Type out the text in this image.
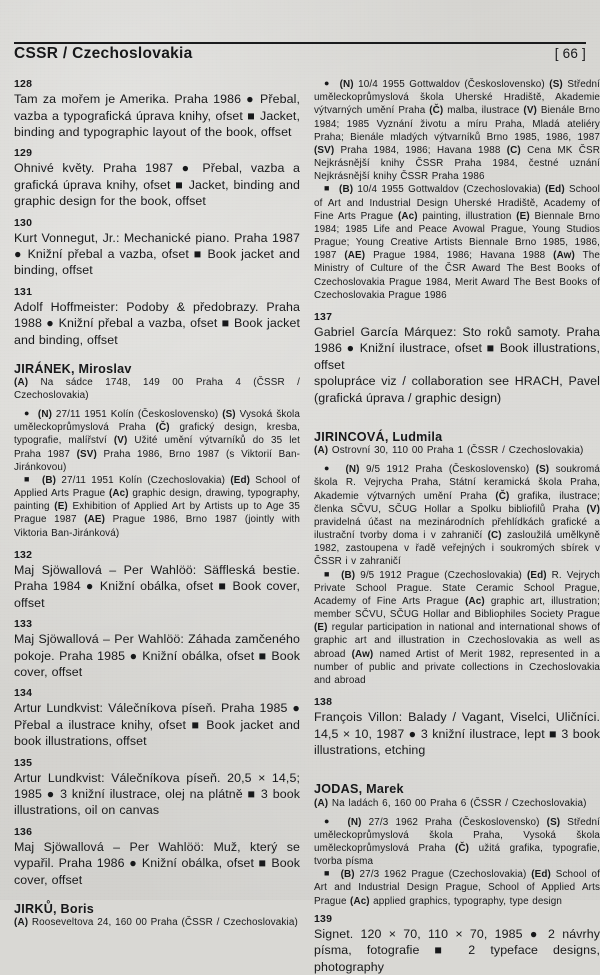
CSSR / Czechoslovakia	[ 66 ]
128
Tam za mořem je Amerika. Praha 1986 ● Přebal, vazba a typografická úprava knihy, ofset ■ Jacket, binding and typographic layout of the book, offset
129
Ohnivé květy. Praha 1987 ● Přebal, vazba a grafická úprava knihy, ofset ■ Jacket, binding and graphic design for the book, offset
130
Kurt Vonnegut, Jr.: Mechanické piano. Praha 1987 ● Knižní přebal a vazba, ofset ■ Book jacket and binding, offset
131
Adolf Hoffmeister: Podoby & předobrazy. Praha 1988 ● Knižní přebal a vazba, ofset ■ Book jacket and binding, offset
JIRÁNEK, Miroslav
(A) Na sádce 1748, 149 00 Praha 4 (ČSSR / Czechoslovakia)
● (N) 27/11 1951 Kolín (Československo) (S) Vysoká škola uměleckoprůmyslová Praha (Č) grafický design, kresba, typografie, malířství (V) Užité umění výtvarníků do 35 let Praha 1987 (SV) Praha 1986, Brno 1987 (s Viktorií Ban-Jiránkovou)
■ (B) 27/11 1951 Kolín (Czechoslovakia) (Ed) School of Applied Arts Prague (Ac) graphic design, drawing, typography, painting (E) Exhibition of Applied Art by Artists up to Age 35 Prague 1987 (AE) Prague 1986, Brno 1987 (jointly with Viktoria Ban-Jiránková)
132
Maj Sjöwallová – Per Wahlöö: Säffleská bestie. Praha 1984 ● Knižní obálka, ofset ■ Book cover, offset
133
Maj Sjöwallová – Per Wahlöö: Záhada zamčeného pokoje. Praha 1985 ● Knižní obálka, ofset ■ Book cover, offset
134
Artur Lundkvist: Válečníkova píseň. Praha 1985 ● Přebal a ilustrace knihy, ofset ■ Book jacket and book illustrations, offset
135
Artur Lundkvist: Válečníkova píseň. 20,5 × 14,5; 1985 ● 3 knižní ilustrace, olej na plátně ■ 3 book illustrations, oil on canvas
136
Maj Sjöwallová – Per Wahlöö: Muž, který se vypařil. Praha 1986 ● Knižní obálka, ofset ■ Book cover, offset
JIRKŮ, Boris
(A) Rooseveltova 24, 160 00 Praha (ČSSR / Czechoslovakia)
● (N) 10/4 1955 Gottwaldov (Československo) (S) Střední uměleckoprůmyslová škola Uherské Hradiště, Akademie výtvarných umění Praha (Č) malba, ilustrace (V) Bienále Brno 1984; 1985 Vyznání životu a míru Praha, Mladá ateliéry Praha; Bienále mladých výtvarníků Brno 1985, 1986, 1987 (SV) Praha 1984, 1986; Havana 1988 (C) Cena MK ČSR Nejkrásnější knihy ČSSR Praha 1984, čestné uznání Nejkrásnější knihy ČSSR Praha 1986
■ (B) 10/4 1955 Gottwaldov (Czechoslovakia) (Ed) School of Art and Industrial Design Uherské Hradiště, Academy of Fine Arts Prague (Ac) painting, illustration (E) Biennale Brno 1984; 1985 Life and Peace Avowal Prague, Young Studios Prague; Young Creative Artists Biennale Brno 1985, 1986, 1987 (AE) Prague 1984, 1986; Havana 1988 (Aw) The Ministry of Culture of the ČSR Award The Best Books of Czechoslovakia Prague 1984, Merit Award The Best Books of Czechoslovakia Prague 1986
137
Gabriel García Márquez: Sto roků samoty. Praha 1986 ● Knižní ilustrace, ofset ■ Book illustrations, offset
spolupráce viz / collaboration see HRACH, Pavel (grafická úprava / graphic design)
JIRINCOVÁ, Ludmila
(A) Ostrovní 30, 110 00 Praha 1 (ČSSR / Czechoslovakia)
● (N) 9/5 1912 Praha (Československo) (S) soukromá škola R. Vejrycha Praha, Státní keramická škola Praha, Akademie výtvarných umění Praha (Č) grafika, ilustrace; členka SČVU, SČUG Hollar a Spolku bibliofilů Praha (V) pravidelná účast na mezinárodních přehlídkách grafické a ilustrační tvorby doma i v zahraničí (C) zasloužilá umělkyně 1982, zastoupena v řadě veřejných i soukromých sbírek v ČSSR i v zahraničí
■ (B) 9/5 1912 Prague (Czechoslovakia) (Ed) R. Vejrych Private School Prague. State Ceramic School Prague, Academy of Fine Arts Prague (Ac) graphic art, illustration; member SČVU, SČUG Hollar and Bibliophiles Society Prague (E) regular participation in national and international shows of graphic art and illustration in Czechoslovakia as well as abroad (Aw) named Artist of Merit 1982, represented in a number of public and private collections in Czechoslovakia and abroad
138
François Villon: Balady / Vagant, Viselci, Uličníci. 14,5 × 10, 1987 ● 3 knižní ilustrace, lept ■ 3 book illustrations, etching
JODAS, Marek
(A) Na ladách 6, 160 00 Praha 6 (ČSSR / Czechoslovakia)
● (N) 27/3 1962 Praha (Československo) (S) Střední uměleckoprůmyslová škola Praha, Vysoká škola uměleckoprůmyslová Praha (Č) užitá grafika, typografie, tvorba písma
■ (B) 27/3 1962 Prague (Czechoslovakia) (Ed) School of Art and Industrial Design Prague, School of Applied Arts Prague (Ac) applied graphics, typography, type design
139
Signet. 120 × 70, 110 × 70, 1985 ● 2 návrhy písma, fotografie ■ 2 typeface designs, photography
